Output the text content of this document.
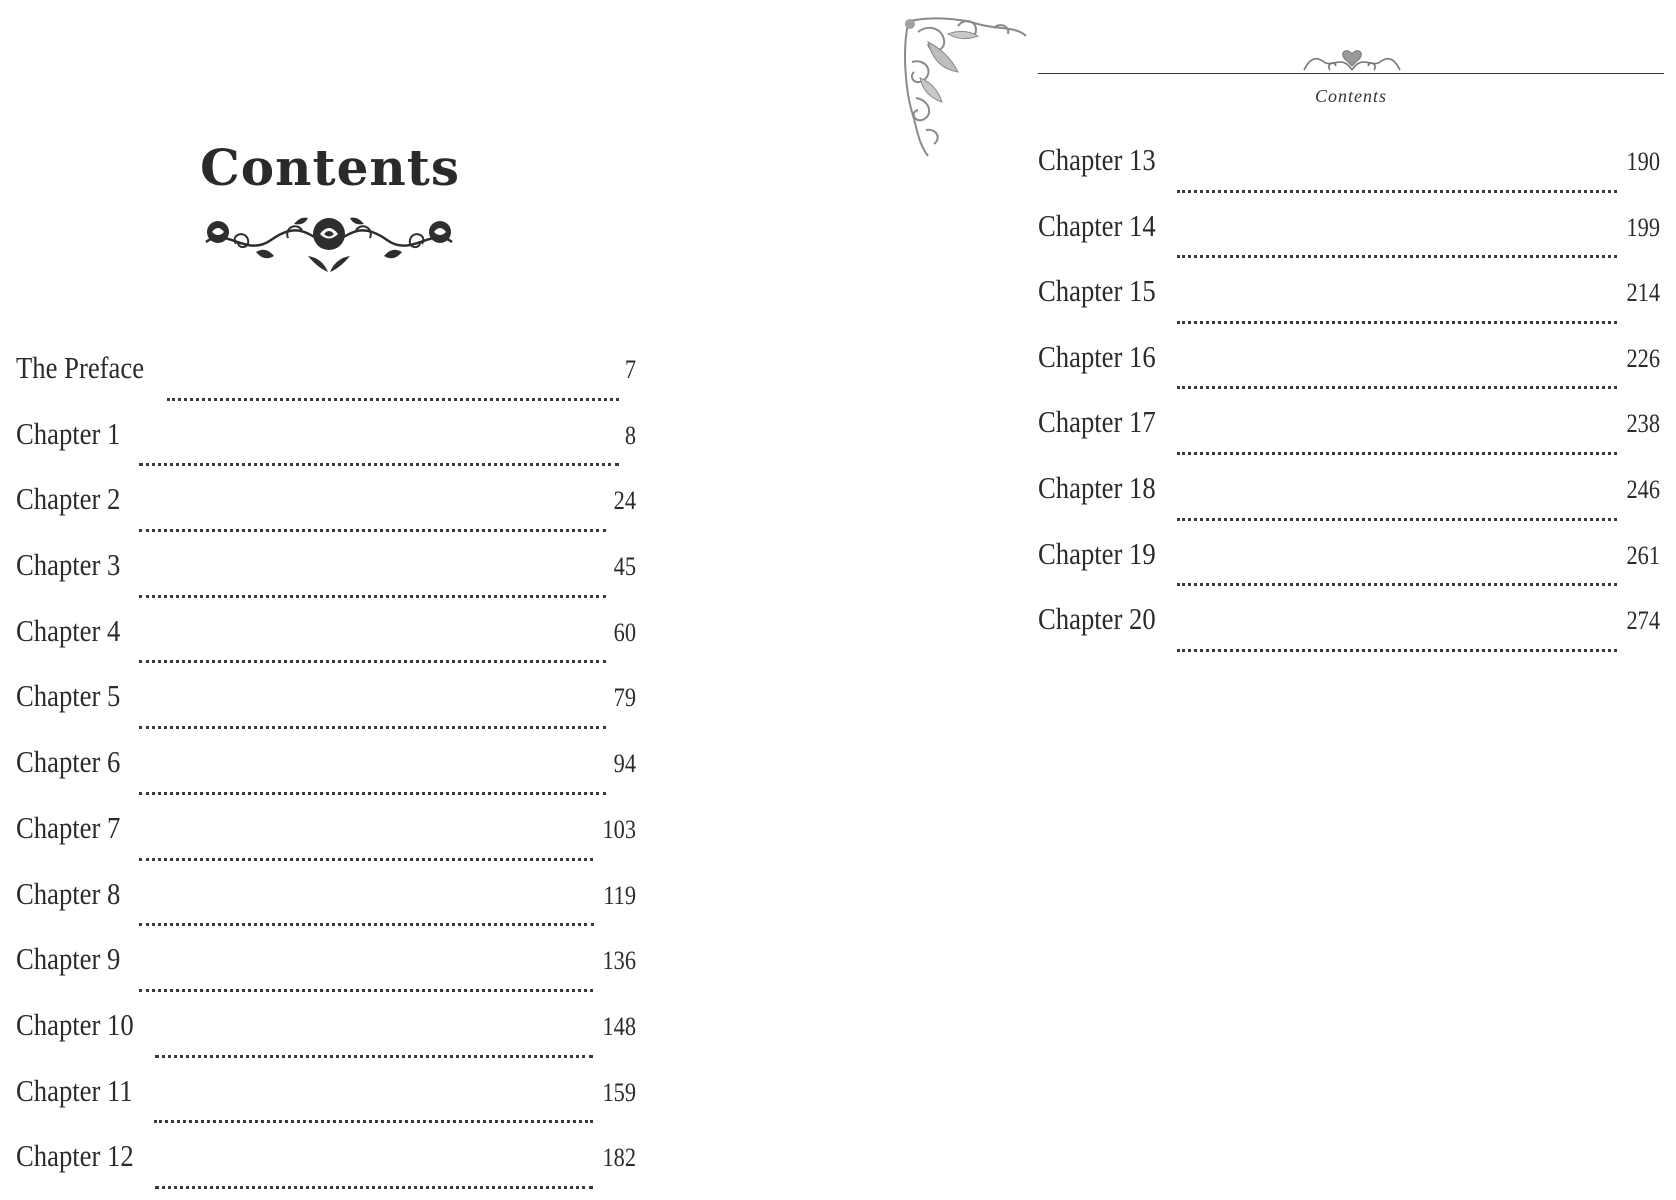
Contents
The Preface	7
Chapter 1	8
Chapter 2	24
Chapter 3	45
Chapter 4	60
Chapter 5	79
Chapter 6	94
Chapter 7	103
Chapter 8	119
Chapter 9	136
Chapter 10	148
Chapter 11	159
Chapter 12	182
Contents
Chapter 13	190
Chapter 14	199
Chapter 15	214
Chapter 16	226
Chapter 17	238
Chapter 18	246
Chapter 19	261
Chapter 20	274
